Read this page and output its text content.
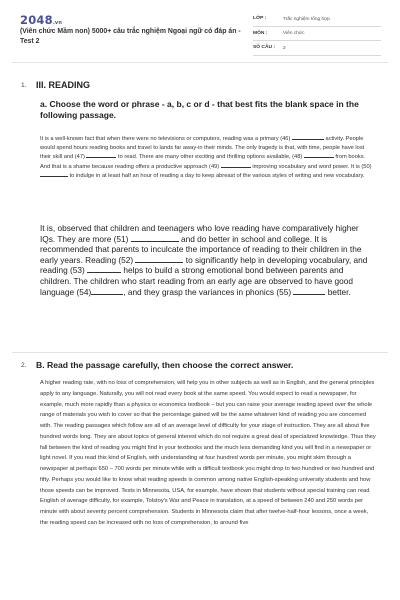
2048.vn
(Viên chức Mầm non) 5000+ câu trắc nghiệm Ngoại ngữ có đáp án - Test 2
LỚP :	Trắc nghiệm tổng hợp
MÔN :	Viên chức
SỐ CÂU : 2
1. III. READING
a. Choose the word or phrase - a, b, c or d - that best fits the blank space in the following passage.
It is a well-known fact that when there were no televisions or computers, reading was a primary (46)	activity. People would spend hours reading books and travel to lands far away-in their minds. The only tragedy is that, with time, people have lost their skill and (47)	to read. There are many other exciting and thrilling options available, (48)	from books. And that is a shame because reading offers a productive approach (49)	improving vocabulary and word power. It is (50)  to indulge in at least half an hour of reading a day to keep abreast of the various styles of writing and new vocabulary.
It is, observed that children and teenagers who love reading have comparatively higher IQs. They are more (51)	and do better in school and college. It is recommended that parents to inculcate the importance of reading to their children in the early years. Reading (52)	to significantly help in developing vocabulary, and reading (53)	helps to build a strong emotional bond between parents and children. The children who start reading from an early age are observed to have good language (54)	, and they grasp the variances in phonics (55)	better.
2. B. Read the passage carefully, then choose the correct answer.
A higher reading rate, with no loss of comprehension, will help you in other subjects as well as in English, and the general principles apply to any language. Naturally, you will not read every book at the same speed. You would expect to read a newspaper, for example, much more rapidly than a physics or economics textbook – but you can raise your average reading speed over the whole range of materials you wish to cover so that the percentage gained will be the same whatever kind of reading you are concerned with. The reading passages which follow are all of an average level of difficulty for your stage of instruction. They are all about five hundred words long. They are about topics of general interest which do not require a great deal of specialized knowledge. Thus they fall between the kind of reading you might find in your textbooks and the much less demanding kind you will find in a newspaper or light novel. If you read this kind of English, with understanding at four hundred words per minute, you might skim through a newspaper at perhaps 650 – 700 words per minute while with a difficult textbook you might drop to two hundred or two hundred and fifty. Perhaps you would like to know what reading speeds is common among native English-speaking university students and how those speeds can be improved. Tests in Minnesota, USA, for example, have shown that students without special training can read English of average difficulty, for example, Tolstoy's War and Peace in translation, at a speed of between 240 and 250 words per minute with about seventy percent comprehension. Students in Minnesota claim that after twelve-half-hour lessons, once a week, the reading speed can be increased with no loss of comprehension, to around five
